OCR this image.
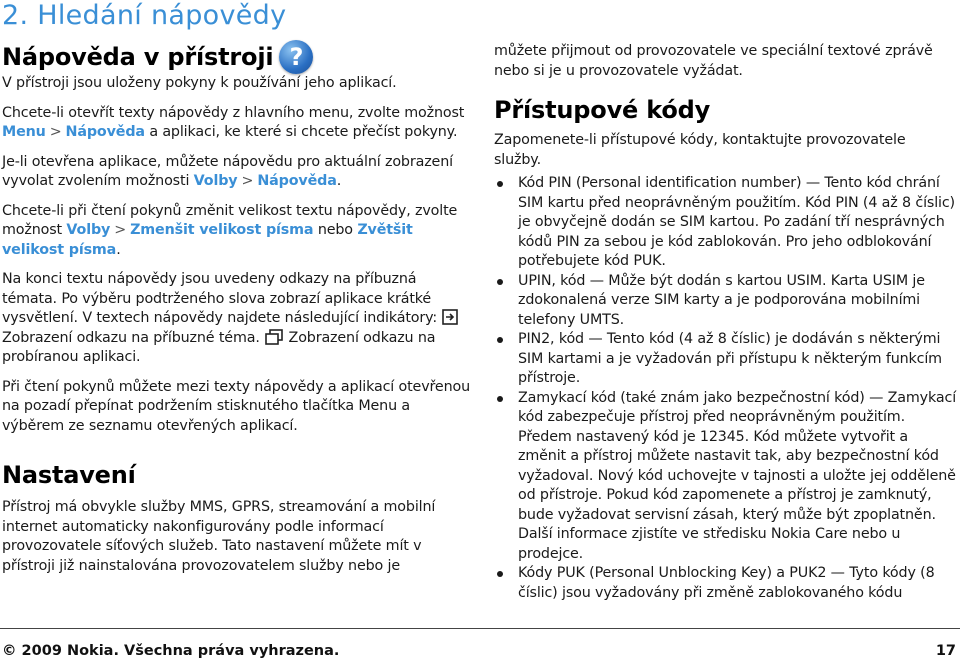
2. Hledání nápovědy
Nápověda v přístroji ?

V přístroji jsou uloženy pokyny k používání jeho aplikací.

Chcete-li otevřít texty nápovědy z hlavního menu, zvolte možnost Menu > Nápověda a aplikaci, ke které si chcete přečíst pokyny.

Je-li otevřena aplikace, můžete nápovědu pro aktuální zobrazení vyvolat zvolením možnosti Volby > Nápověda.

Chcete-li při čtení pokynů změnit velikost textu nápovědy, zvolte možnost Volby > Zmenšit velikost písma nebo Zvětšit velikost písma.

Na konci textu nápovědy jsou uvedeny odkazy na příbuzná témata. Po výběru podtrženého slova zobrazí aplikace krátké vysvětlení. V textech nápovědy najdete následující indikátory:  Zobrazení odkazu na příbuzné téma. Zobrazení odkazu na probíranou aplikaci.

Při čtení pokynů můžete mezi texty nápovědy a aplikací otevřenou na pozadí přepínat podržením stisknutého tlačítka Menu a výběrem ze seznamu otevřených aplikací.

Nastavení

Přístroj má obvykle služby MMS, GPRS, streamování a mobilní internet automaticky nakonfigurovány podle informací provozovatele síťových služeb. Tato nastavení můžete mít v přístroji již nainstalována provozovatelem služby nebo je

můžete přijmout od provozovatele ve speciální textové zprávě nebo si je u provozovatele vyžádat.

Přístupové kódy

Zapomenete-li přístupové kódy, kontaktujte provozovatele služby.

Kód PIN (Personal identification number) — Tento kód chrání SIM kartu před neoprávněným použitím. Kód PIN (4 až 8 číslic) je obvyčejně dodán se SIM kartou. Po zadání tří nesprávných kódů PIN za sebou je kód zablokován. Pro jeho odblokování potřebujete kód PUK.
UPIN, kód — Může být dodán s kartou USIM. Karta USIM je zdokonalená verze SIM karty a je podporována mobilními telefony UMTS.
PIN2, kód — Tento kód (4 až 8 číslic) je dodáván s některými SIM kartami a je vyžadován při přístupu k některým funkcím přístroje.
Zamykací kód (také znám jako bezpečnostní kód) — Zamykací kód zabezpečuje přístroj před neoprávněným použitím. Předem nastavený kód je 12345. Kód můžete vytvořit a změnit a přístroj můžete nastavit tak, aby bezpečnostní kód vyžadoval. Nový kód uchovejte v tajnosti a uložte jej odděleně od přístroje. Pokud kód zapomenete a přístroj je zamknutý, bude vyžadovat servisní zásah, který může být zpoplatněn. Další informace zjistíte ve středisku Nokia Care nebo u prodejce.
Kódy PUK (Personal Unblocking Key) a PUK2 — Tyto kódy (8 číslic) jsou vyžadovány při změně zablokovaného kódu
© 2009 Nokia. Všechna práva vyhrazena.	17
